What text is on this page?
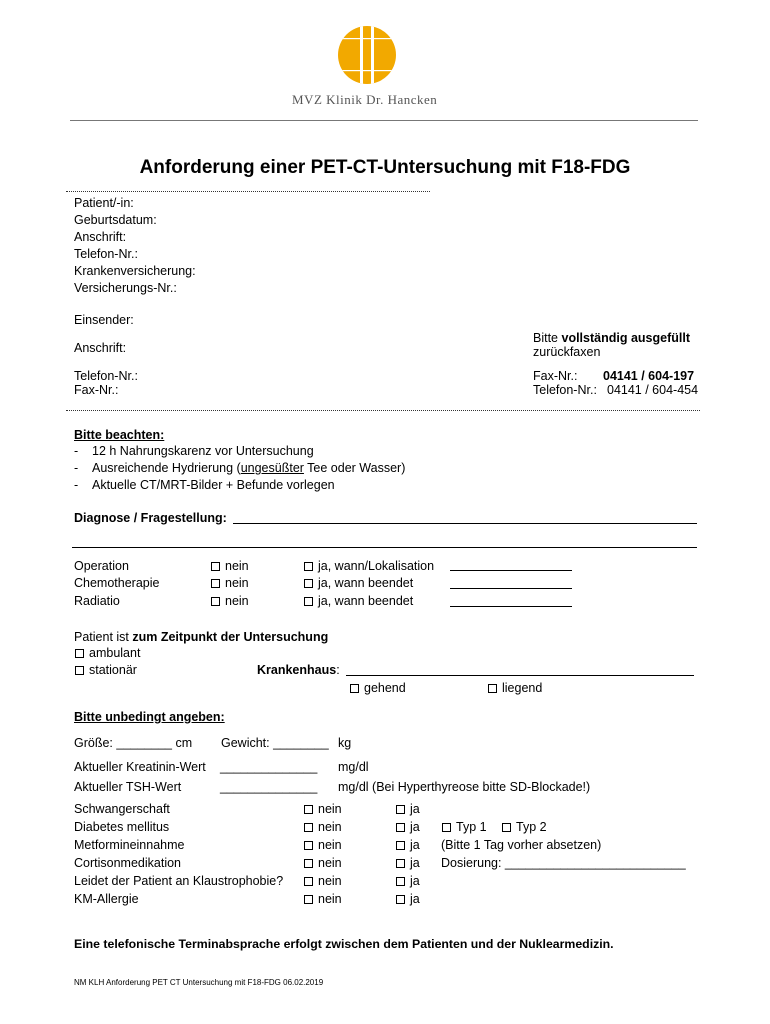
MVZ Klinik Dr. Hancken
Anforderung einer PET-CT-Untersuchung mit F18-FDG
Patient/-in:
Geburtsdatum:
Anschrift:
Telefon-Nr.:
Krankenversicherung:
Versicherungs-Nr.:
Einsender:
Anschrift:
Telefon-Nr.:
Fax-Nr.:
Bitte vollständig ausgefüllt
zurückfaxen
Fax-Nr.: 04141 / 604-197
Telefon-Nr.: 04141 / 604-454
Bitte beachten:
- 12 h Nahrungskarenz vor Untersuchung
- Ausreichende Hydrierung (ungesüßter Tee oder Wasser)
- Aktuelle CT/MRT-Bilder + Befunde vorlegen
Diagnose / Fragestellung:
Operation	nein	ja, wann/Lokalisation
Chemotherapie	nein	ja, wann beendet
Radiatio	nein	ja, wann beendet
Patient ist zum Zeitpunkt der Untersuchung
ambulant
stationär	Krankenhaus:
gehend	liegend
Bitte unbedingt angeben:
Größe: ________ cm Gewicht: ________ kg
Aktueller Kreatinin-Wert ______________ mg/dl
Aktueller TSH-Wert	______________ mg/dl (Bei Hyperthyreose bitte SD-Blockade!)
Schwangerschaft	nein	ja
Diabetes mellitus	nein	ja	Typ 1	Typ 2
Metformineinnahme	nein	ja (Bitte 1 Tag vorher absetzen)
Cortisonmedikation	nein	ja Dosierung: __________________________
Leidet der Patient an Klaustrophobie?	nein	ja
KM-Allergie	nein	ja
Eine telefonische Terminabsprache erfolgt zwischen dem Patienten und der Nuklearmedizin.
NM KLH Anforderung PET CT Untersuchung mit F18-FDG 06.02.2019
